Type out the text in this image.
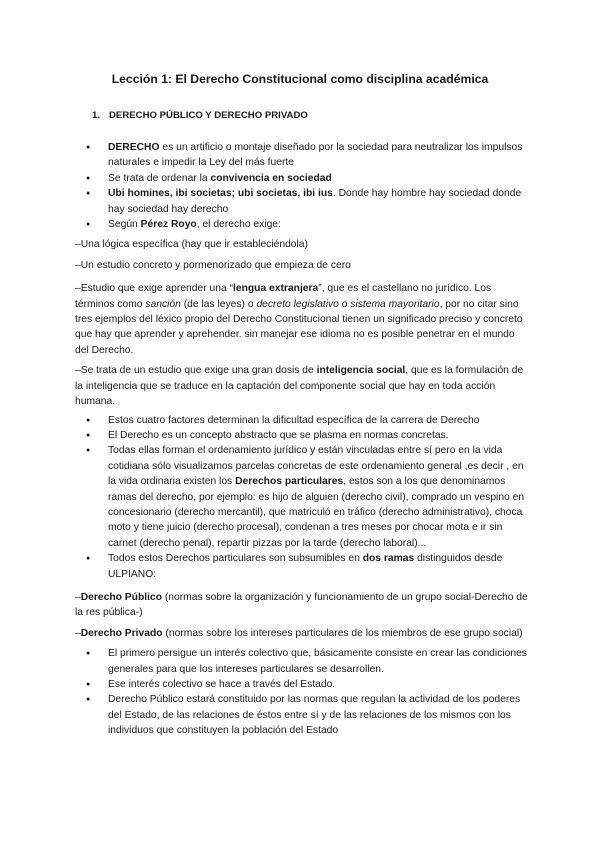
Lección 1: El Derecho Constitucional como disciplina académica
1. DERECHO PÚBLICO Y DERECHO PRIVADO
● DERECHO es un artificio o montaje diseñado por la sociedad para neutralizar los impulsos naturales e impedir la Ley del más fuerte
● Se trata de ordenar la convivencia en sociedad
● Ubi homines, ibi societas; ubi societas, ibi ius. Donde hay hombre hay sociedad donde hay sociedad hay derecho
● Según Pérez Royo, el derecho exige:

–Una lógica específica (hay que ir estableciéndola)

–Un estudio concreto y pormenorizado que empieza de cero

–Estudio que exige aprender una “lengua extranjera”, que es el castellano no jurídico. Los términos como sanción (de las leyes) o decreto legislativo o sistema mayoritario, por no citar sino tres ejemplos del léxico propio del Derecho Constitucional tienen un significado preciso y concreto que hay que aprender y aprehender. sin manejar ese idioma no es posible penetrar en el mundo del Derecho.

–Se trata de un estudio que exige una gran dosis de inteligencia social, que es la formulación de la inteligencia que se traduce en la captación del componente social que hay en toda acción humana.

● Estos cuatro factores determinan la dificultad específica de la carrera de Derecho
● El Derecho es un concepto abstracto que se plasma en normas concretas.
● Todas ellas forman el ordenamiento jurídico y están vinculadas entre sí pero en la vida cotidiana sólo visualizamos parcelas concretas de este ordenamiento general ,es decir , en la vida ordinaria existen los Derechos particulares, estos son a los que denominamos ramas del derecho, por ejemplo: es hijo de alguien (derecho civil), comprado un vespino en concesionario (derecho mercantil), que matriculó en tráfico (derecho administrativo), choca moto y tiene juicio (derecho procesal), condenan a tres meses por chocar mota e ir sin carnet (derecho penal), repartir pizzas por la tarde (derecho laboral)...
● Todos estos Derechos particulares son subsumibles en dos ramas distinguidos desde ULPIANO:

–Derecho Público (normas sobre la organización y funcionamiento de un grupo social-Derecho de la res pública-)

–Derecho Privado (normas sobre los intereses particulares de los miembros de ese grupo social)

● El primero persigue un interés colectivo que, básicamente consiste en crear las condiciones generales para que los intereses particulares se desarrollen.
● Ese interés colectivo se hace a través del Estado.
● Derecho Público estará constituido por las normas que regulan la actividad de los poderes del Estado, de las relaciones de éstos entre sí y de las relaciones de los mismos con los individuos que constituyen la población del Estado
